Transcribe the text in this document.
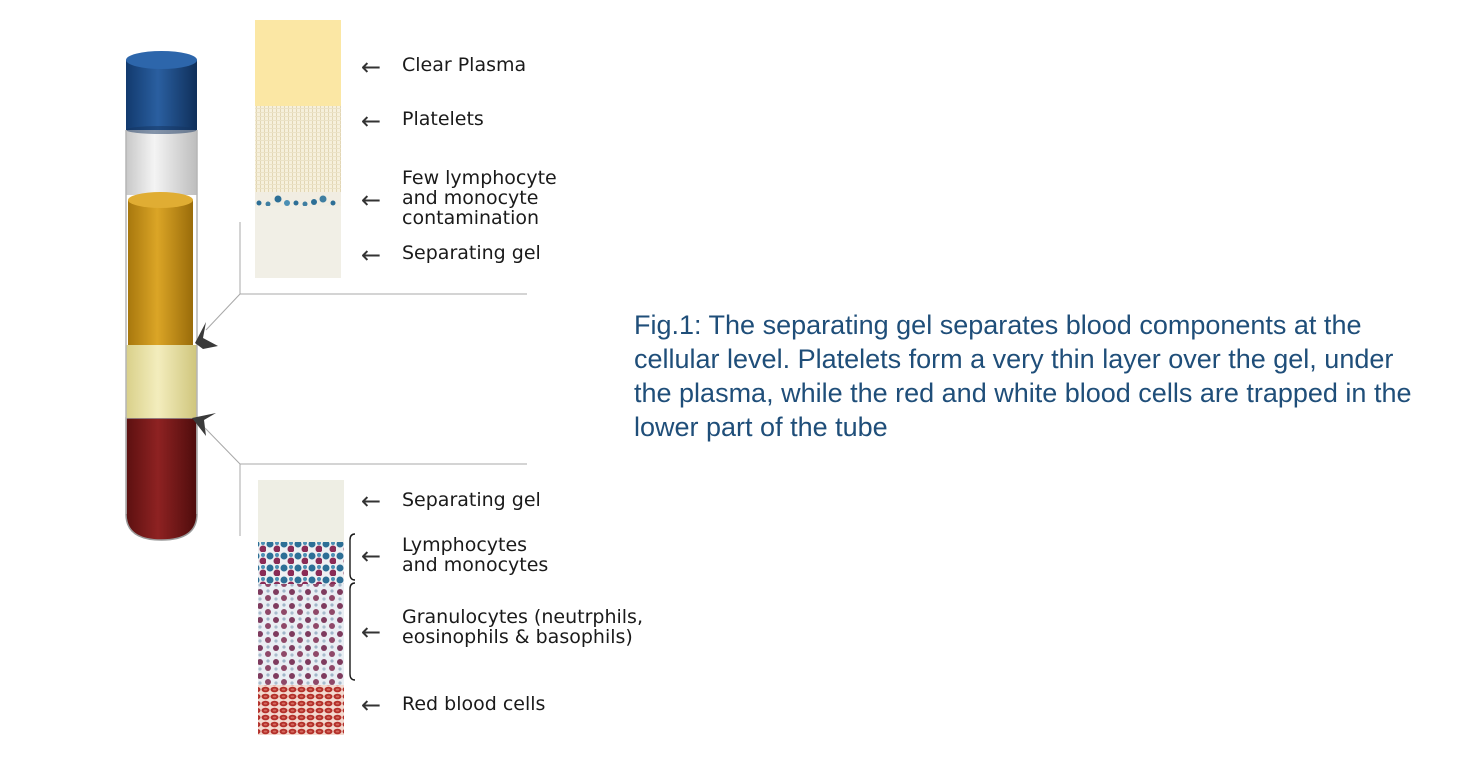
← Clear Plasma

← Platelets

←

Few lymphocyte
and monocyte
contamination

← Separating gel

← Separating gel

← Lymphocytes
and monocytes

←

Granulocytes (neutrphils,
eosinophils & basophils)

← Red blood cells

Fig.1: The separating gel separates blood components at the cellular level. Platelets form a very thin layer over the gel, under the plasma, while the red and white blood cells are trapped in the lower part of the tube
